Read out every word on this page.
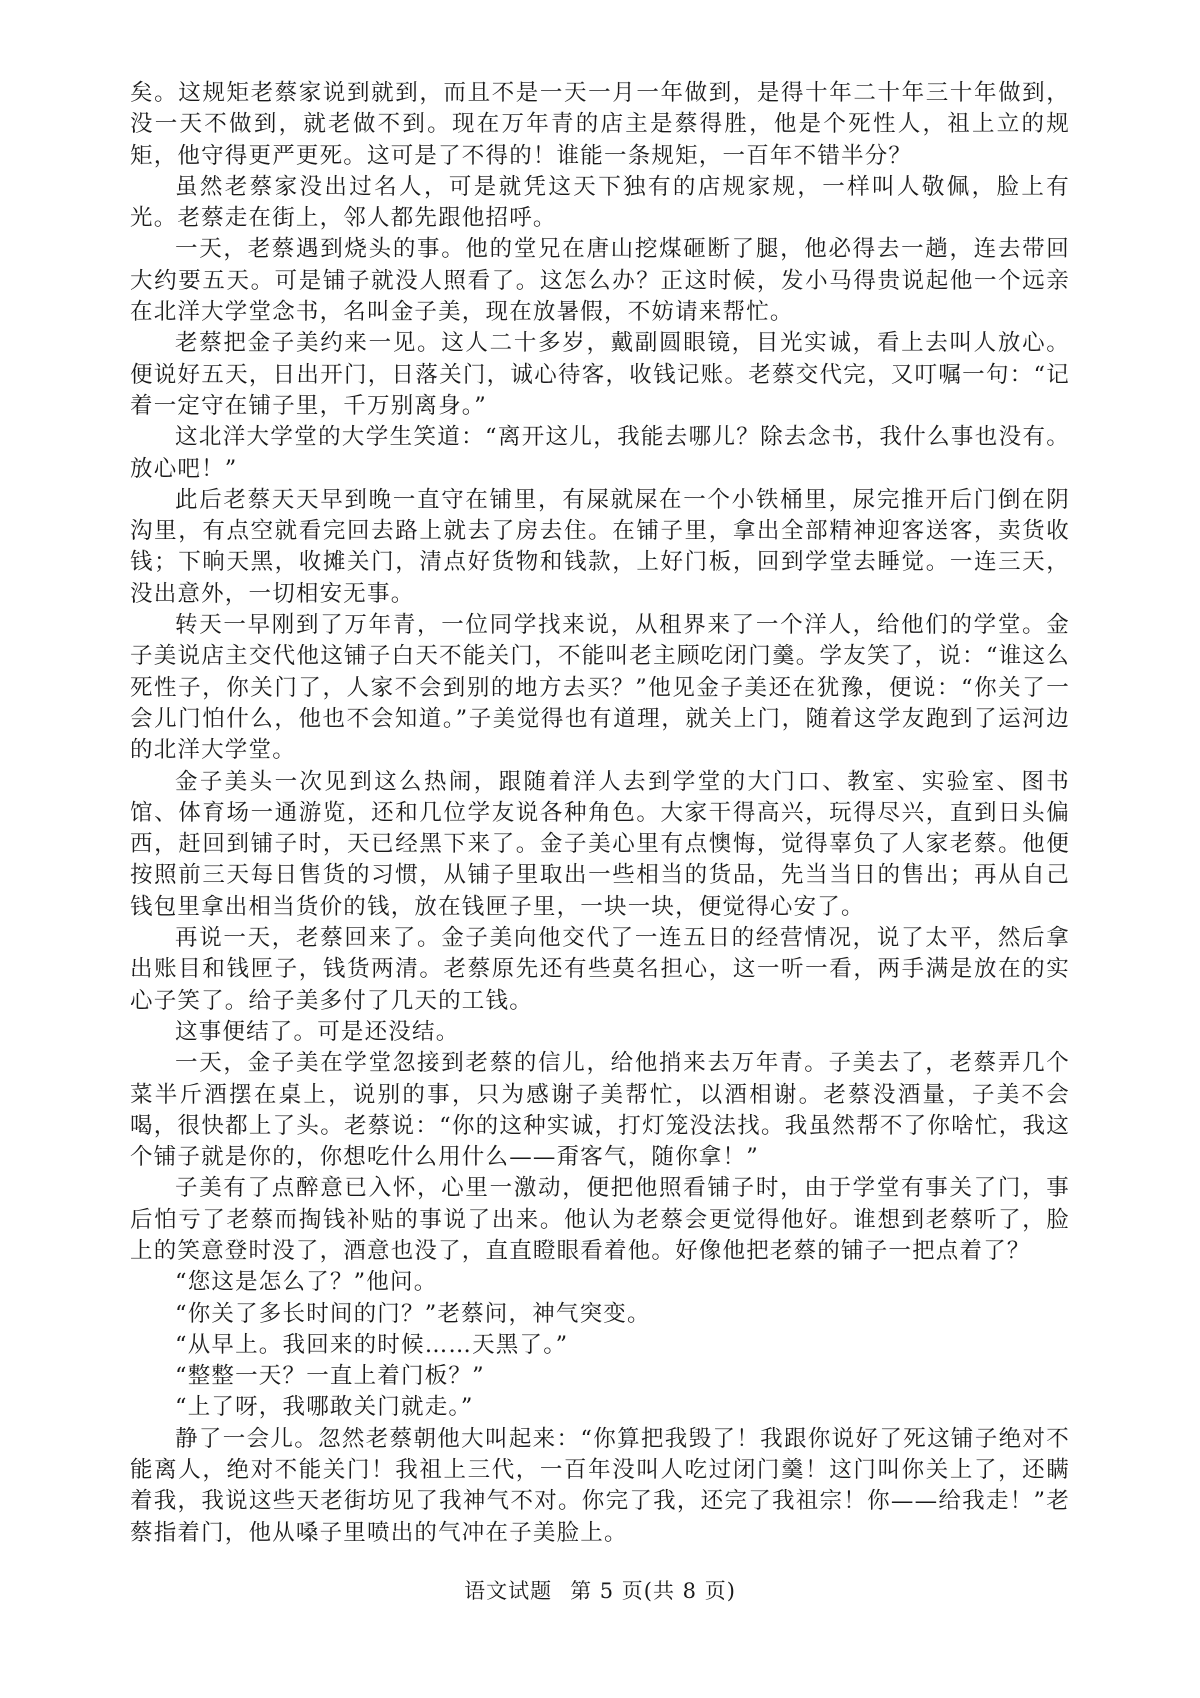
矣。这规矩老蔡家说到就到，而且不是一天一月一年做到，是得十年二十年三十年做到，没一天不做到，就老做不到。现在万年青的店主是蔡得胜，他是个死性人，祖上立的规矩，他守得更严更死。这可是了不得的！谁能一条规矩，一百年不错半分？

虽然老蔡家没出过名人，可是就凭这天下独有的店规家规，一样叫人敬佩，脸上有光。老蔡走在街上，邻人都先跟他招呼。

一天，老蔡遇到烧头的事。他的堂兄在唐山挖煤砸断了腿，他必得去一趟，连去带回大约要五天。可是铺子就没人照看了。这怎么办？正这时候，发小马得贵说起他一个远亲在北洋大学堂念书，名叫金子美，现在放暑假，不妨请来帮忙。

老蔡把金子美约来一见。这人二十多岁，戴副圆眼镜，目光实诚，看上去叫人放心。便说好五天，日出开门，日落关门，诚心待客，收钱记账。老蔡交代完，又叮嘱一句：“记着一定守在铺子里，千万别离身。”

这北洋大学堂的大学生笑道：“离开这儿，我能去哪儿？除去念书，我什么事也没有。放心吧！”

此后老蔡天天早到晚一直守在铺里，有屎就屎在一个小铁桶里，尿完推开后门倒在阴沟里，有点空就看完回去路上就去了房去住。在铺子里，拿出全部精神迎客送客，卖货收钱；下晌天黑，收摊关门，清点好货物和钱款，上好门板，回到学堂去睡觉。一连三天，没出意外，一切相安无事。

转天一早刚到了万年青，一位同学找来说，从租界来了一个洋人，给他们的学堂。金子美说店主交代他这铺子白天不能关门，不能叫老主顾吃闭门羹。学友笑了，说：“谁这么死性子，你关门了，人家不会到别的地方去买？”他见金子美还在犹豫，便说：“你关了一会儿门怕什么，他也不会知道。”子美觉得也有道理，就关上门，随着这学友跑到了运河边的北洋大学堂。

金子美头一次见到这么热闹，跟随着洋人去到学堂的大门口、教室、实验室、图书馆、体育场一通游览，还和几位学友说各种角色。大家干得高兴，玩得尽兴，直到日头偏西，赶回到铺子时，天已经黑下来了。金子美心里有点懊悔，觉得辜负了人家老蔡。他便按照前三天每日售货的习惯，从铺子里取出一些相当的货品，先当当日的售出；再从自己钱包里拿出相当货价的钱，放在钱匣子里，一块一块，便觉得心安了。

再说一天，老蔡回来了。金子美向他交代了一连五日的经营情况，说了太平，然后拿出账目和钱匣子，钱货两清。老蔡原先还有些莫名担心，这一听一看，两手满是放在的实心子笑了。给子美多付了几天的工钱。

这事便结了。可是还没结。

一天，金子美在学堂忽接到老蔡的信儿，给他捎来去万年青。子美去了，老蔡弄几个菜半斤酒摆在桌上，说别的事，只为感谢子美帮忙，以酒相谢。老蔡没酒量，子美不会喝，很快都上了头。老蔡说：“你的这种实诚，打灯笼没法找。我虽然帮不了你啥忙，我这个铺子就是你的，你想吃什么用什么——甭客气，随你拿！”

子美有了点醉意已入怀，心里一激动，便把他照看铺子时，由于学堂有事关了门，事后怕亏了老蔡而掏钱补贴的事说了出来。他认为老蔡会更觉得他好。谁想到老蔡听了，脸上的笑意登时没了，酒意也没了，直直瞪眼看着他。好像他把老蔡的铺子一把点着了？

“您这是怎么了？”他问。

“你关了多长时间的门？”老蔡问，神气突变。

“从早上。我回来的时候……天黑了。”

“整整一天？一直上着门板？”

“上了呀，我哪敢关门就走。”

静了一会儿。忽然老蔡朝他大叫起来：“你算把我毁了！我跟你说好了死这铺子绝对不能离人，绝对不能关门！我祖上三代，一百年没叫人吃过闭门羹！这门叫你关上了，还瞒着我，我说这些天老街坊见了我神气不对。你完了我，还完了我祖宗！你——给我走！”老蔡指着门，他从嗓子里喷出的气冲在子美脸上。

语文试题 第 5 页(共 8 页)
